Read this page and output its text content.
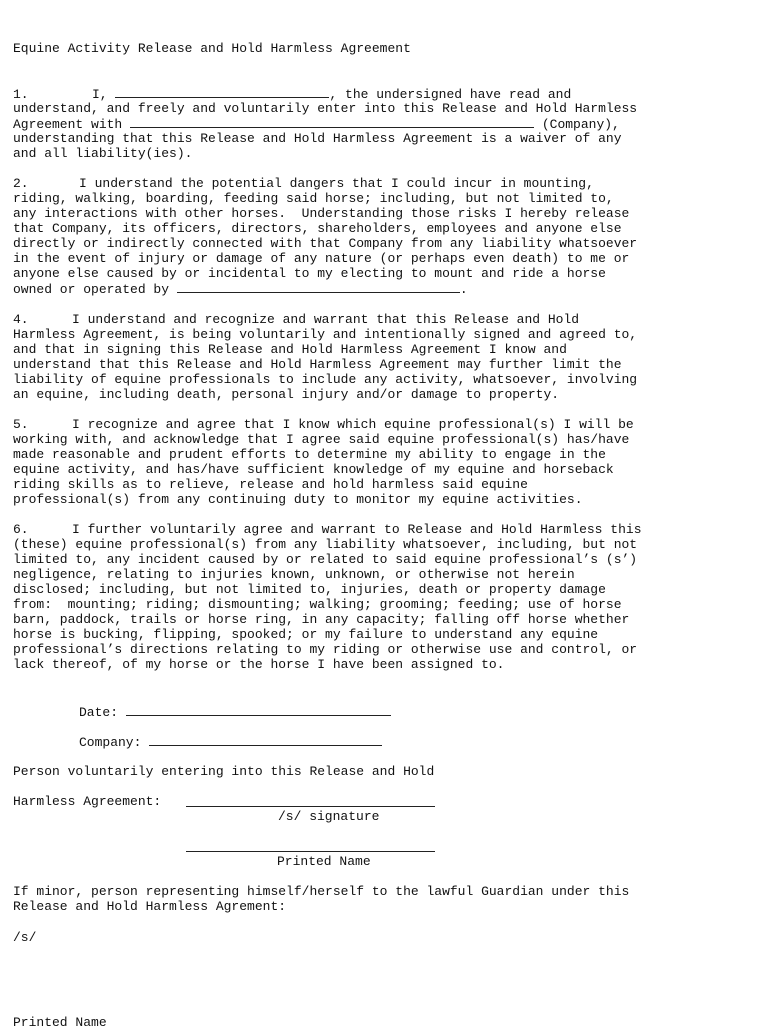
Equine Activity Release and Hold Harmless Agreement
1.	I,	, the undersigned have read and
understand, and freely and voluntarily enter into this Release and Hold Harmless
Agreement with	(Company),
understanding that this Release and Hold Harmless Agreement is a waiver of any
and all liability(ies).
2.	I understand the potential dangers that I could incur in mounting,
riding, walking, boarding, feeding said horse; including, but not limited to,
any interactions with other horses.  Understanding those risks I hereby release
that Company, its officers, directors, shareholders, employees and anyone else
directly or indirectly connected with that Company from any liability whatsoever
in the event of injury or damage of any nature (or perhaps even death) to me or
anyone else caused by or incidental to my electing to mount and ride a horse
owned or operated by	.
4.	I understand and recognize and warrant that this Release and Hold
Harmless Agreement, is being voluntarily and intentionally signed and agreed to,
and that in signing this Release and Hold Harmless Agreement I know and
understand that this Release and Hold Harmless Agreement may further limit the
liability of equine professionals to include any activity, whatsoever, involving
an equine, including death, personal injury and/or damage to property.
5.	I recognize and agree that I know which equine professional(s) I will be
working with, and acknowledge that I agree said equine professional(s) has/have
made reasonable and prudent efforts to determine my ability to engage in the
equine activity, and has/have sufficient knowledge of my equine and horseback
riding skills as to relieve, release and hold harmless said equine
professional(s) from any continuing duty to monitor my equine activities.
6.	I further voluntarily agree and warrant to Release and Hold Harmless this
(these) equine professional(s) from any liability whatsoever, including, but not
limited to, any incident caused by or related to said equine professional’s (s’)
negligence, relating to injuries known, unknown, or otherwise not herein
disclosed; including, but not limited to, injuries, death or property damage
from:  mounting; riding; dismounting; walking; grooming; feeding; use of horse
barn, paddock, trails or horse ring, in any capacity; falling off horse whether
horse is bucking, flipping, spooked; or my failure to understand any equine
professional’s directions relating to my riding or otherwise use and control, or
lack thereof, of my horse or the horse I have been assigned to.
Date:
Company:
Person voluntarily entering into this Release and Hold
Harmless Agreement:
/s/ signature
Printed Name
If minor, person representing himself/herself to the lawful Guardian under this
Release and Hold Harmless Agrement:
/s/
Printed Name
